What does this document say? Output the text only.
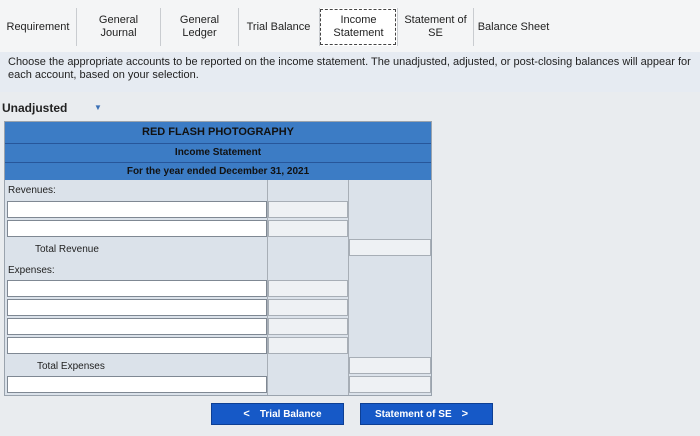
Requirement
General
Journal
General
Ledger
Trial Balance
Income
Statement
Statement of
SE
Balance Sheet
Choose the appropriate accounts to be reported on the income statement. The unadjusted, adjusted, or post-closing balances will appear for each account, based on your selection.
Unadjusted	▼
RED FLASH PHOTOGRAPHY
Income Statement
For the year ended December 31, 2021
Revenues:
Total Revenue
Expenses:
Total Expenses
< Trial Balance	Statement of SE >
